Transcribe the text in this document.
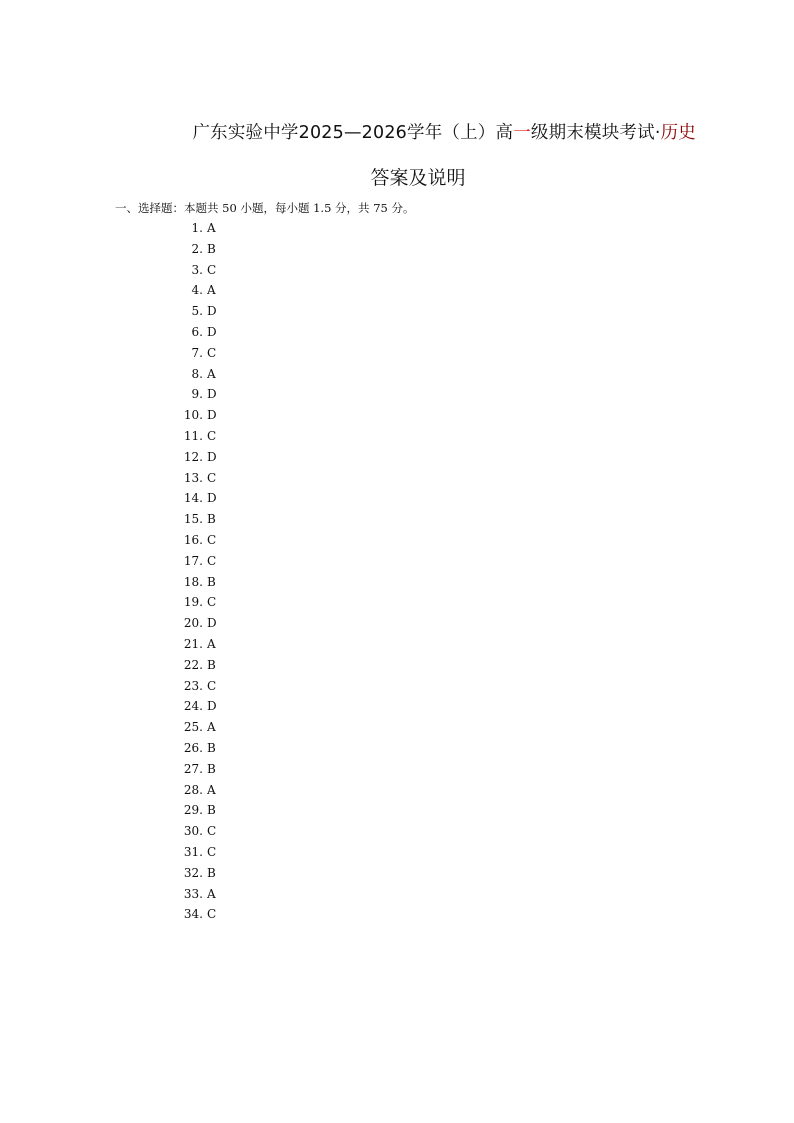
广东实验中学2025—2026学年（上）高一级期末模块考试·历史
答案及说明
一、选择题：本题共 50 小题，每小题 1.5 分，共 75 分。
1. A
2. B
3. C
4. A
5. D
6. D
7. C
8. A
9. D
10. D
11. C
12. D
13. C
14. D
15. B
16. C
17. C
18. B
19. C
20. D
21. A
22. B
23. C
24. D
25. A
26. B
27. B
28. A
29. B
30. C
31. C
32. B
33. A
34. C
